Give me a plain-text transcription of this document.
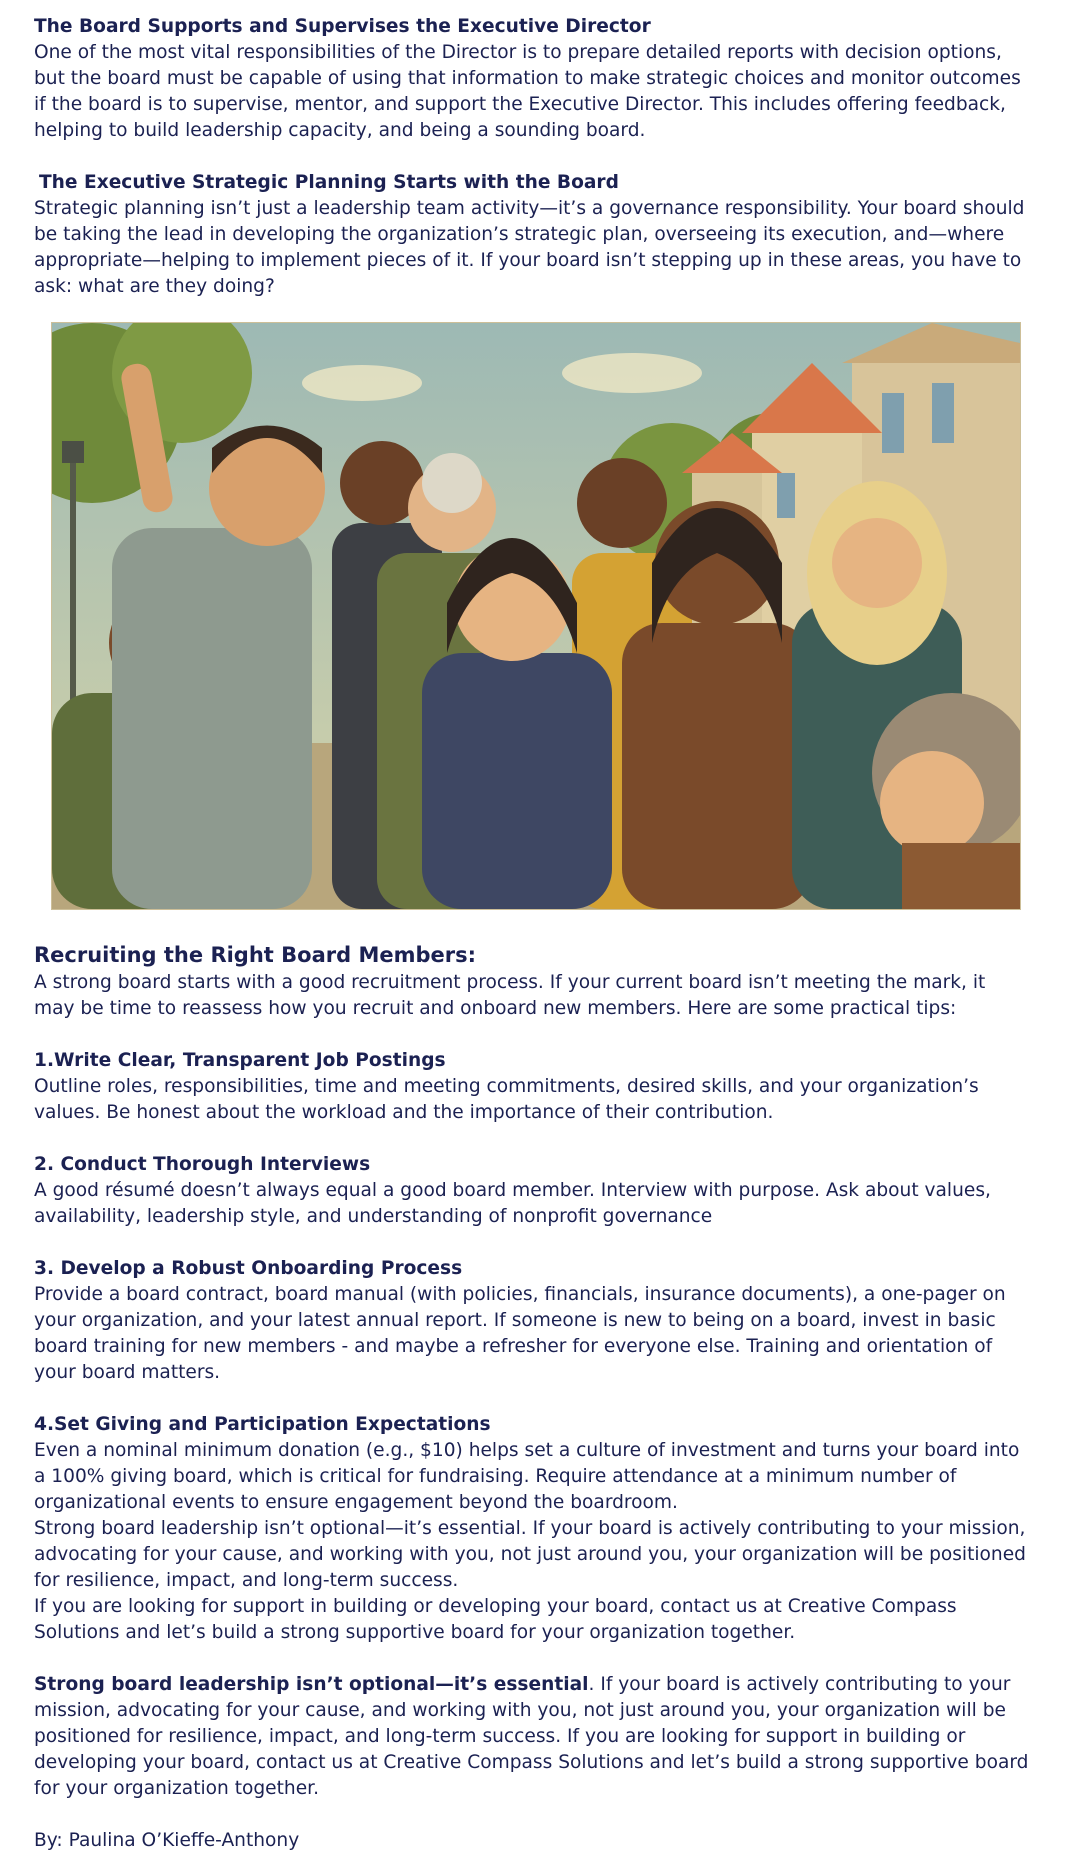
The Board Supports and Supervises the Executive Director

One of the most vital responsibilities of the Director is to prepare detailed reports with decision options, but the board must be capable of using that information to make strategic choices and monitor outcomes if the board is to supervise, mentor, and support the Executive Director. This includes offering feedback, helping to build leadership capacity, and being a sounding board.

The Executive Strategic Planning Starts with the Board

Strategic planning isn’t just a leadership team activity—it’s a governance responsibility. Your board should be taking the lead in developing the organization’s strategic plan, overseeing its execution, and—where appropriate—helping to implement pieces of it. If your board isn’t stepping up in these areas, you have to ask: what are they doing?

Recruiting the Right Board Members:

A strong board starts with a good recruitment process. If your current board isn’t meeting the mark, it may be time to reassess how you recruit and onboard new members. Here are some practical tips:

1.Write Clear, Transparent Job Postings

Outline roles, responsibilities, time and meeting commitments, desired skills, and your organization’s values. Be honest about the workload and the importance of their contribution.

2. Conduct Thorough Interviews

A good résumé doesn’t always equal a good board member. Interview with purpose. Ask about values, availability, leadership style, and understanding of nonprofit governance

3. Develop a Robust Onboarding Process

Provide a board contract, board manual (with policies, financials, insurance documents), a one-pager on your organization, and your latest annual report. If someone is new to being on a board, invest in basic board training for new members - and maybe a refresher for everyone else. Training and orientation of your board matters.

4.Set Giving and Participation Expectations

Even a nominal minimum donation (e.g., $10) helps set a culture of investment and turns your board into a 100% giving board, which is critical for fundraising. Require attendance at a minimum number of organizational events to ensure engagement beyond the boardroom.

Strong board leadership isn’t optional—it’s essential. If your board is actively contributing to your mission, advocating for your cause, and working with you, not just around you, your organization will be positioned for resilience, impact, and long-term success.

If you are looking for support in building or developing your board, contact us at Creative Compass Solutions and let’s build a strong supportive board for your organization together.

Strong board leadership isn’t optional—it’s essential. If your board is actively contributing to your mission, advocating for your cause, and working with you, not just around you, your organization will be positioned for resilience, impact, and long-term success. If you are looking for support in building or developing your board, contact us at Creative Compass Solutions and let’s build a strong supportive board for your organization together.

By: Paulina O’Kieffe-Anthony
